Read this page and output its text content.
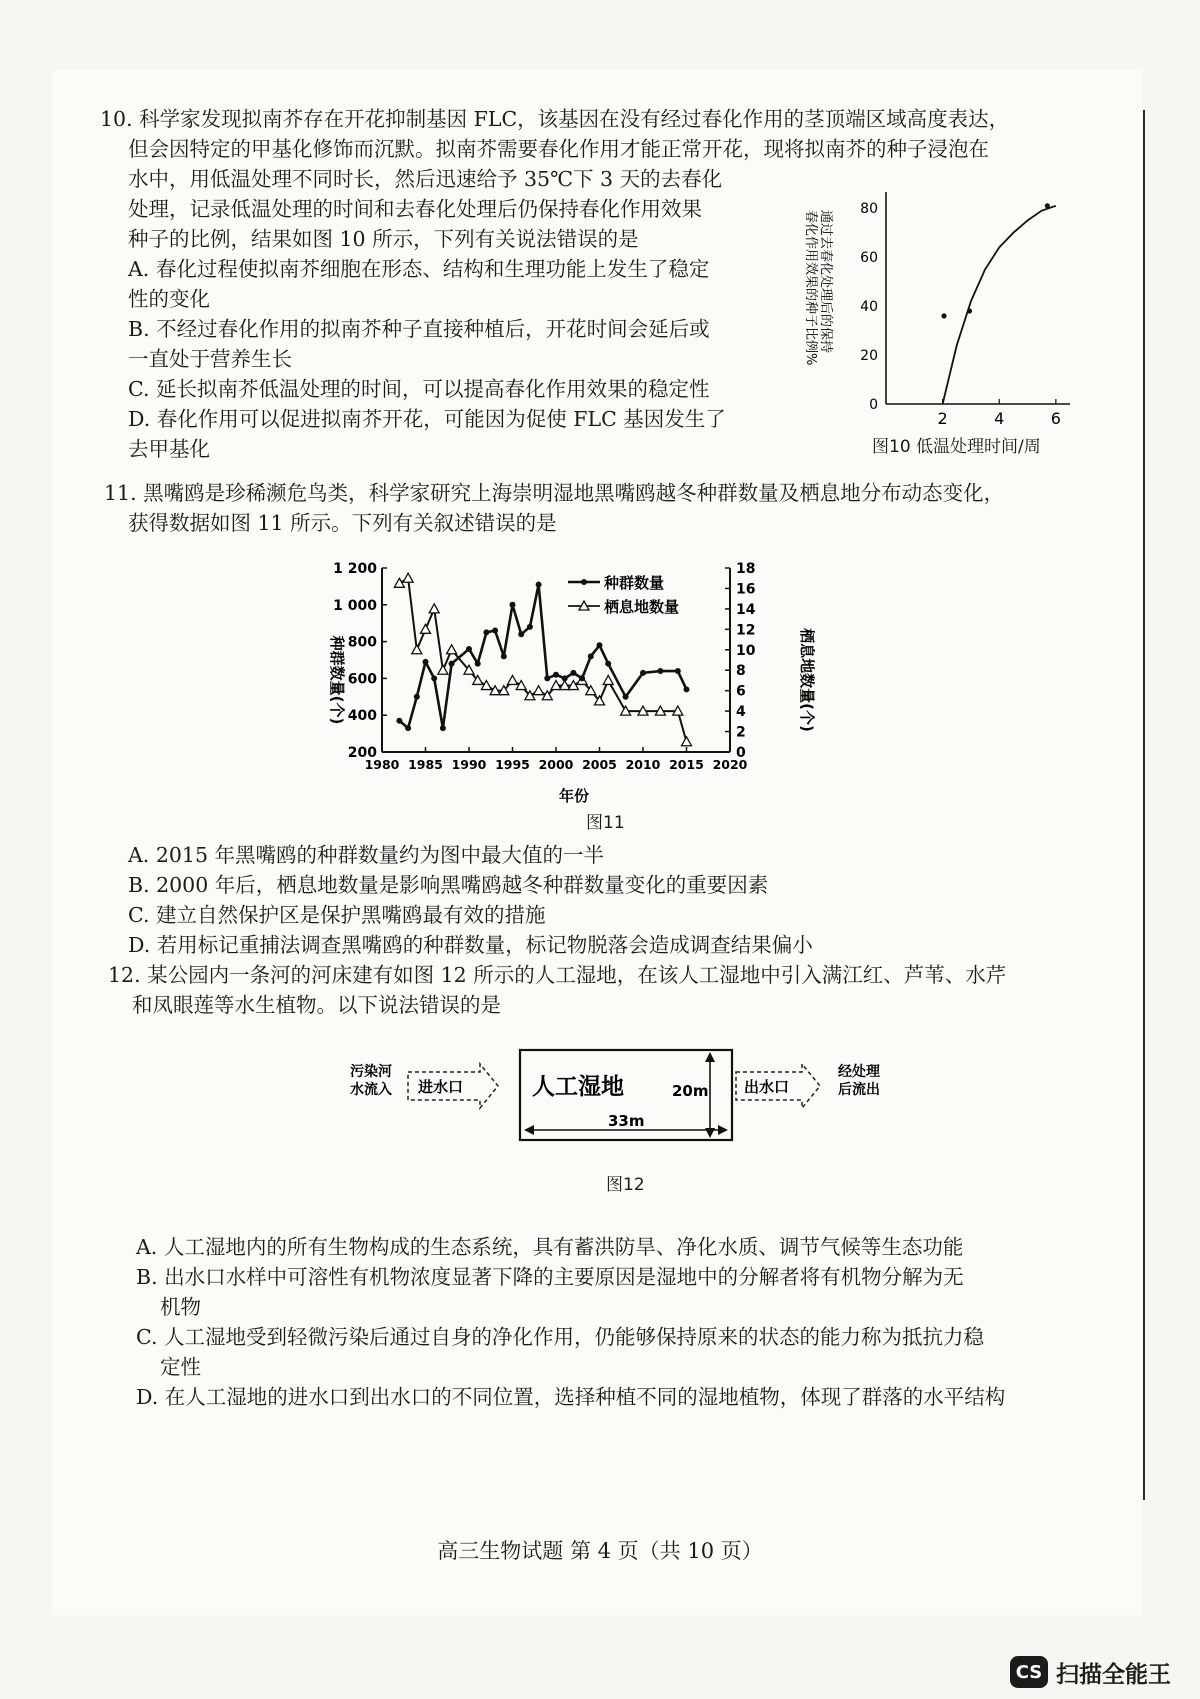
10. 科学家发现拟南芥存在开花抑制基因 FLC，该基因在没有经过春化作用的茎顶端区域高度表达，
但会因特定的甲基化修饰而沉默。拟南芥需要春化作用才能正常开花，现将拟南芥的种子浸泡在
水中，用低温处理不同时长，然后迅速给予 35℃下 3 天的去春化
处理，记录低温处理的时间和去春化处理后仍保持春化作用效果
种子的比例，结果如图 10 所示，下列有关说法错误的是
A. 春化过程使拟南芥细胞在形态、结构和生理功能上发生了稳定
性的变化
B. 不经过春化作用的拟南芥种子直接种植后，开花时间会延后或
一直处于营养生长
C. 延长拟南芥低温处理的时间，可以提高春化作用效果的稳定性
D. 春化作用可以促进拟南芥开花，可能因为促使 FLC 基因发生了
去甲基化
通过去春化处理后的保持
春化作用效果的种子比例%
0
20
40
60
80
2	4	6
图10 低温处理时间/周
11. 黑嘴鸥是珍稀濒危鸟类，科学家研究上海崇明湿地黑嘴鸥越冬种群数量及栖息地分布动态变化，
获得数据如图 11 所示。下列有关叙述错误的是
种群数量(个)	栖息地数量(个)
200
400
600
800
1 000
1 200
0
2
4
6
8
10
12
14
16
18
1980 1985 1990 1995 2000 2005 2010 2015 2020
种群数量
栖息地数量
年份
图11
A. 2015 年黑嘴鸥的种群数量约为图中最大值的一半
B. 2000 年后，栖息地数量是影响黑嘴鸥越冬种群数量变化的重要因素
C. 建立自然保护区是保护黑嘴鸥最有效的措施
D. 若用标记重捕法调查黑嘴鸥的种群数量，标记物脱落会造成调查结果偏小
12. 某公园内一条河的河床建有如图 12 所示的人工湿地，在该人工湿地中引入满江红、芦苇、水芹
和凤眼莲等水生植物。以下说法错误的是
污染河
水流入 进水口	人工湿地	20m
33m
出水口
经处理
后流出
图12
A. 人工湿地内的所有生物构成的生态系统，具有蓄洪防旱、净化水质、调节气候等生态功能
B. 出水口水样中可溶性有机物浓度显著下降的主要原因是湿地中的分解者将有机物分解为无
机物
C. 人工湿地受到轻微污染后通过自身的净化作用，仍能够保持原来的状态的能力称为抵抗力稳
定性
D. 在人工湿地的进水口到出水口的不同位置，选择种植不同的湿地植物，体现了群落的水平结构
高三生物试题 第 4 页（共 10 页）
CS 扫描全能王
